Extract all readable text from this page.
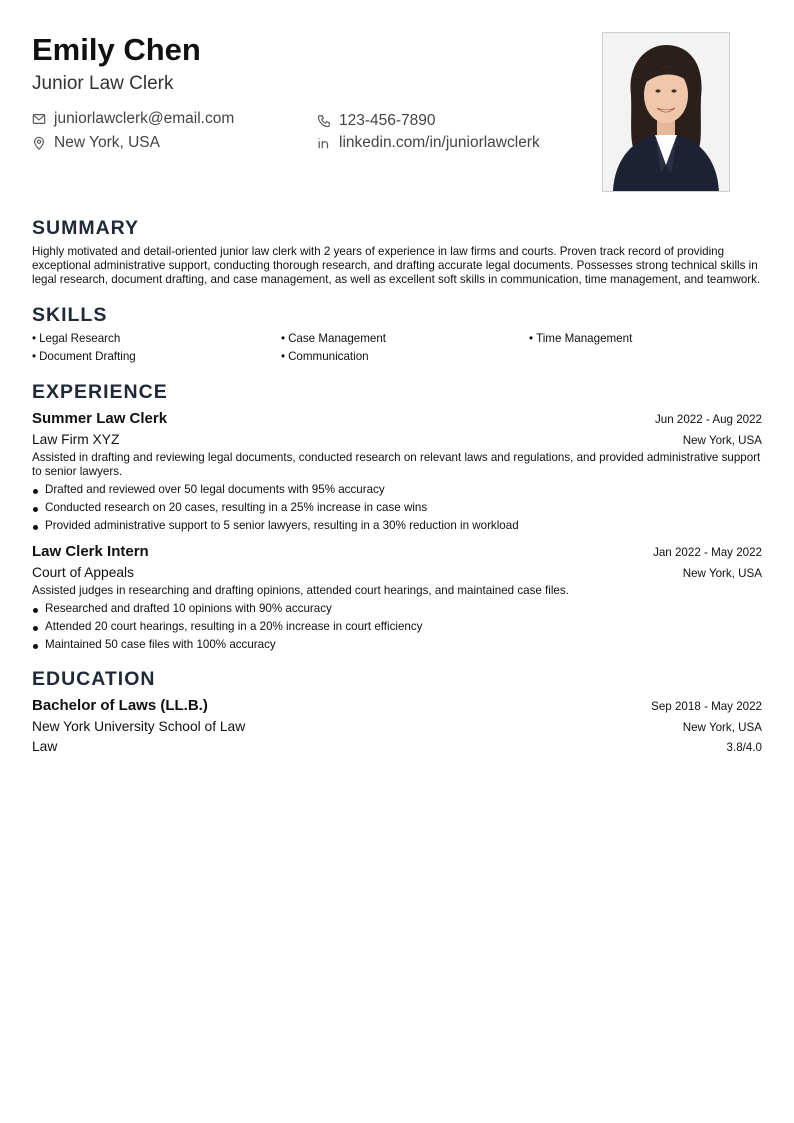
Emily Chen
Junior Law Clerk
juniorlawclerk@email.com	123-456-7890
New York, USA	linkedin.com/in/juniorlawclerk
SUMMARY
Highly motivated and detail-oriented junior law clerk with 2 years of experience in law firms and courts. Proven track record of providing exceptional administrative support, conducting thorough research, and drafting accurate legal documents. Possesses strong technical skills in legal research, document drafting, and case management, as well as excellent soft skills in communication, time management, and teamwork.
SKILLS
• Legal Research	• Case Management	• Time Management
• Document Drafting	• Communication
EXPERIENCE
Summer Law Clerk	Jun 2022 - Aug 2022
Law Firm XYZ	New York, USA
Assisted in drafting and reviewing legal documents, conducted research on relevant laws and regulations, and provided administrative support to senior lawyers.
Drafted and reviewed over 50 legal documents with 95% accuracy
Conducted research on 20 cases, resulting in a 25% increase in case wins
Provided administrative support to 5 senior lawyers, resulting in a 30% reduction in workload
Law Clerk Intern	Jan 2022 - May 2022
Court of Appeals	New York, USA
Assisted judges in researching and drafting opinions, attended court hearings, and maintained case files.
Researched and drafted 10 opinions with 90% accuracy
Attended 20 court hearings, resulting in a 20% increase in court efficiency
Maintained 50 case files with 100% accuracy
EDUCATION
Bachelor of Laws (LL.B.)	Sep 2018 - May 2022
New York University School of Law	New York, USA
Law	3.8/4.0
